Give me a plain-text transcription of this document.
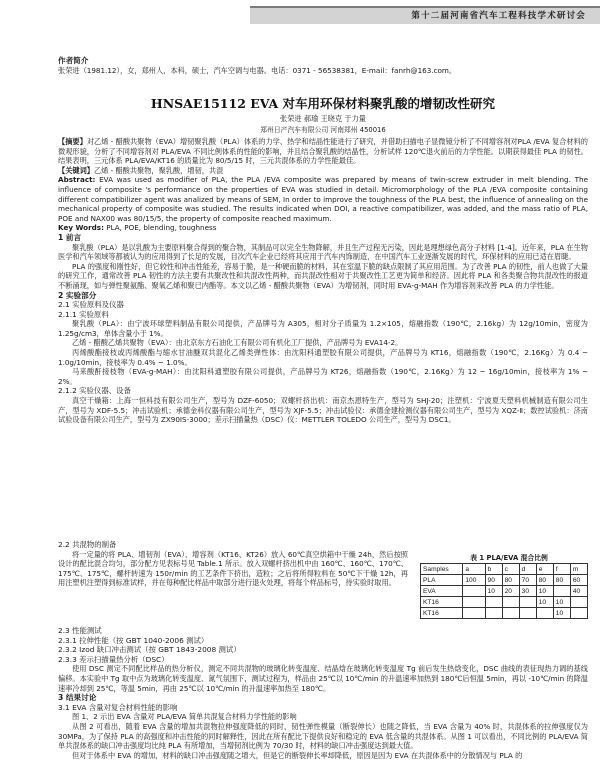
第十二届河南省汽车工程科技学术研讨会
作者简介
张荣进（1981.12），女，郑州人，本科，硕士，汽车空调与电器。电话：0371 - 56538381，E-mail：fanrh@163.com。
HNSAE15112 EVA 对车用环保材料聚乳酸的增韧改性研究
张荣进 郝瑜 王晓克 于力量
郑州日产汽车有限公司 河南郑州 450016
【摘要】对乙烯 - 醋酸共聚物（EVA）增韧聚乳酸（PLA）体系的力学、热学和结晶性能进行了研究，并借助扫描电子显微镜分析了不同增容剂对PLA /EVA 复合材料的微观形貌，分析了不同增容剂对 PLA/EVA 不同比例体系的性能的影响，并且结合聚乳酸的结晶性，分析试样 120℃退火前后的力学性能。以期获得最佳 PLA 的韧性。结果表明，三元体系 PLA/EVA/KT16 的质量比为 80/5/15 时，三元共混体系的力学性能最佳。
【关键词】乙烯 - 醋酸共聚物，聚乳酸，增韧，共混
Abstract: EVA was used as modifier of PLA, the PLA /EVA composite was prepared by means of twin-screw extruder in melt blending. The influence of composite 's performance on the properties of EVA was studied in detail. Micromorphology of the PLA /EVA composite containing different compatibilizer agent was analized by means of SEM, In order to improve the toughness of the PLA best, the influence of annealing on the mechanical property of composite was studied. The results indicated when DOI, a reactive compatibilizer, was added, and the mass ratio of PLA, POE and NAX00 was 80/15/5, the property of composite reached maximum.
Key Words: PLA, POE, blending, toughness
1 前言
聚乳酸（PLA）是以乳酸为主要原料聚合得到的聚合物，其制品可以完全生物降解，并且生产过程无污染，因此是理想绿色高分子材料 [1-4]。近年来，PLA 在生物医学和汽车领域等都被认为的应用得到了长足的发展，目次汽车企业已经将其应用于汽车内饰制造，在中国汽车工业逐渐发展的时代，环保材料的应用已适在眉睫。
PLA 的强度和刚性好，但它较性和冲击性能差，容易于脆，是一种硬而脆的材料，其在室温下脆的缺点限制了其应用范围。为了改善 PLA 的韧性，前人也做了大量的研究工作，通常改善 PLA 韧性的方法主要有共聚改性和共混改性两种，而共混改性相对于共聚改性工艺更为简单和经济。因此将 PLA 和各类聚合物共混改性的报道不断涌现，如与弹性聚氨酯、聚氧乙烯和聚已内酯等。本文以乙烯 - 醋酸共聚物（EVA）为增韧剂，同时用 EVA-g-MAH 作为增容剂来改善 PLA 的力学性能。
2 实验部分
2.1 实验原料及仪器
2.1.1 实验原料
聚乳酸（PLA）：由宁波环球塑料制品有限公司提供，产品牌号为 A305，相对分子质量为 1.2×105，熔融指数（190℃，2.16kg）为 12g/10min，密度为 1.25g/cm3，单体含量小于 1%。
乙烯 - 醋酸乙烯共聚物（EVA）：由北京东方石油化工有限公司有机化工厂提供，产品牌号为 EVA14-2。
丙烯酸酯接枝或丙烯酸酯与缩水甘油醚双共混化乙烯类弹性体：由沈阳科通塑胶有限公司提供，产品牌号为 KT16，熔融指数（190℃，2.16Kg）为 0.4 ~ 1.0g/10min，接枝率为 0.4% ~ 1.0%。
马来酸酐接枝物（EVA-g-MAH）：由沈阳科通塑胶有限公司提供，产品牌号为 KT26，熔融指数（190℃，2.16Kg）为 12 ~ 16g/10min，接枝率为 1% ~ 2%。
2.1.2 实验仪器、设备
真空干燥箱：上海一恒科技有限公司生产，型号为 DZF-6050；双螺杆挤出机：南京杰恩特生产，型号为 SHJ-20；注塑机：宁波夏天塑料机械制造有限公司生产，型号为 XDF-5.5；冲击试验机；承德金科仪器有限公司生产，型号为 XJF-5.5；冲击试验仪：承德金建检测仪器有限公司生产，型号为 XQZ-Ⅱ；数控试验机：济南试验设备有限公司生产，型号为 ZX90IS-3000；差示扫描量热（DSC）仪：METTLER TOLEDO 公司生产，型号为 DSC1。
2.2 共混物的制备
将一定量的将 PLA、增韧剂（EVA）、增容剂（KT16、KT26）放入 60℃真空烘箱中干燥 24h，然后按照设计的配比混合均匀，部分配方见表标号见 Table.1 所示。放入双螺杆挤出机中由 160℃、160℃、170℃、175℃、175℃，螺杆转速为 150r/min 的工艺条件下挤出，造粒；之后将所得粒料在 50℃下干燥 12h，再用注塑机注塑得到标准试样，并在每种配比样品中取部分进行退火处理，将每个样品标号，待实验时取用。
表 1 PLA/EVA 混合比例
Samples	a	b	c	d	e	f	m
PLA	100	90	80	70	80	80	60
EVA		10	20	30	10		40
KT16					10	10	
KT16						10	
2.3 性能测试
2.3.1 拉伸性能（按 GBT 1040-2006 测试）
2.3.2 Izod 缺口冲击测试（按 GBT 1843-2008 测试）
2.3.3 差示扫描量热分析（DSC）
使用 DSC 测定不同配比样品的热分析仪，测定不同共混物的玻璃化转变温度、结晶焓在玻璃化转变温度 Tg 前后发生热焓变化，DSC 曲线的表征现热力调的基线偏移。本实验中 Tg 取中点为玻璃化转变温度、氮气氛围下，测试过程为，样品由 25℃以 10℃/min 的升温速率加热到 180℃后恒温 5min，再以 -10℃/min 的降温速率冷却到 25℃，等温 5min，再由 25℃以 10℃/min 的升温速率加热至 180℃。
3 结果讨论
3.1 EVA 含量对复合材料性能的影响
图 1、2 示出 EVA 含量对 PLA/EVA 简单共混复合材料力学性能的影响
从图 2 可看出，随着 EVA 含量的增加共混物拉伸强度降低的同时，韧性弹性模量（断裂伸长）也随之降低，当 EVA 含量为 40% 时，共混体系的拉伸强度仅为 30MPa，为了保持 PLA 的高强度和冲击性能的同时解释性，因此在所有配比下提供良好和稳定的 EVA 低含量的共混体系。从图 1 可以看出，不同比例的 PLA/EVA 简单共混体系的缺口冲击强度均比纯 PLA 有所增加，当增韧剂比例为 70/30 时，材料的缺口冲击强度达到最大值。
但对于体系中 EVA 的增加，材料的缺口冲击强度随之增大，但是它的断裂伸长率却降低，原因是因为 EVA 在共混体系中的分散情况与 PLA 的
